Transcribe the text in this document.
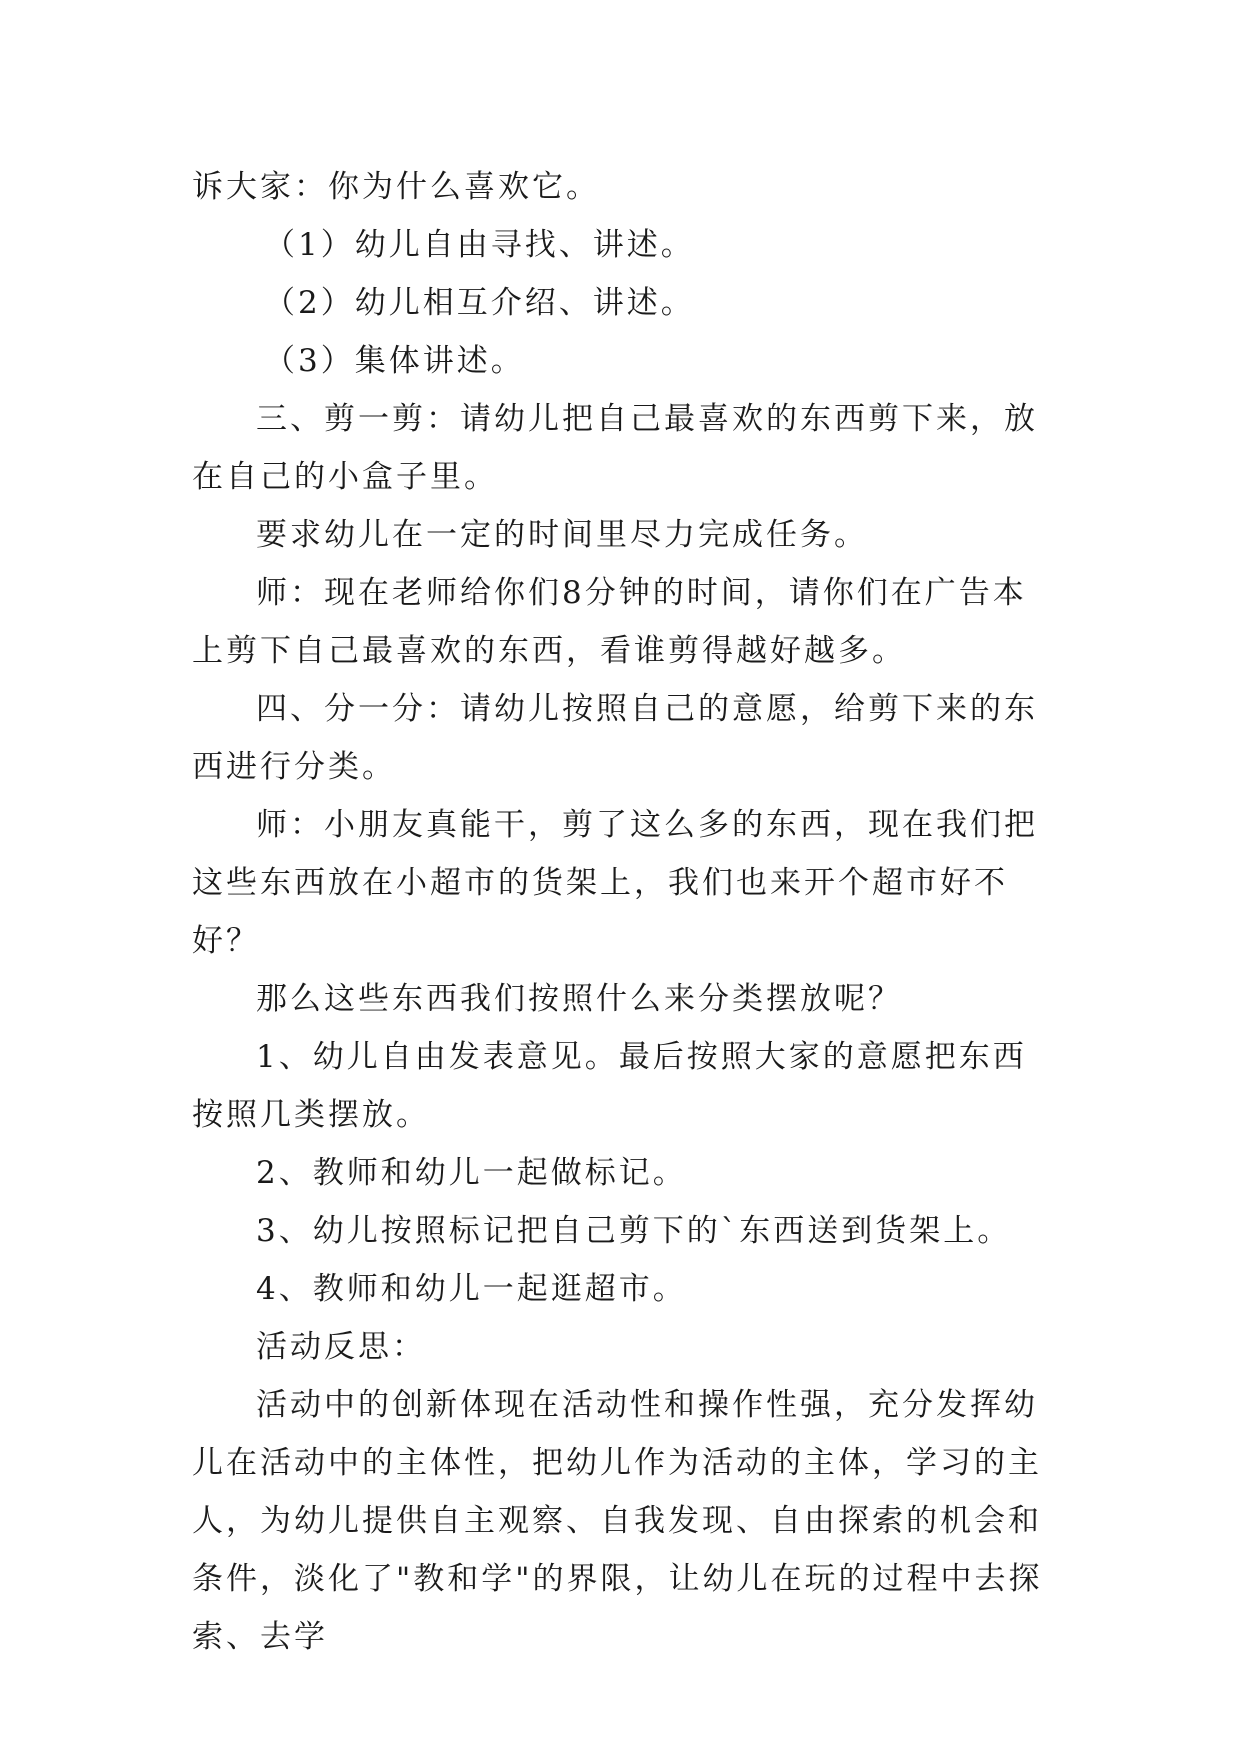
诉大家：你为什么喜欢它。

（1）幼儿自由寻找、讲述。

（2）幼儿相互介绍、讲述。

（3）集体讲述。

三、剪一剪：请幼儿把自己最喜欢的东西剪下来，放在自己的小盒子里。

要求幼儿在一定的时间里尽力完成任务。

师：现在老师给你们8分钟的时间，请你们在广告本上剪下自己最喜欢的东西，看谁剪得越好越多。

四、分一分：请幼儿按照自己的意愿，给剪下来的东西进行分类。

师：小朋友真能干，剪了这么多的东西，现在我们把这些东西放在小超市的货架上，我们也来开个超市好不好？

那么这些东西我们按照什么来分类摆放呢？

1、幼儿自由发表意见。最后按照大家的意愿把东西按照几类摆放。

2、教师和幼儿一起做标记。

3、幼儿按照标记把自己剪下的`东西送到货架上。

4、教师和幼儿一起逛超市。

活动反思：

活动中的创新体现在活动性和操作性强，充分发挥幼儿在活动中的主体性，把幼儿作为活动的主体，学习的主人，为幼儿提供自主观察、自我发现、自由探索的机会和条件，淡化了"教和学"的界限，让幼儿在玩的过程中去探索、去学
